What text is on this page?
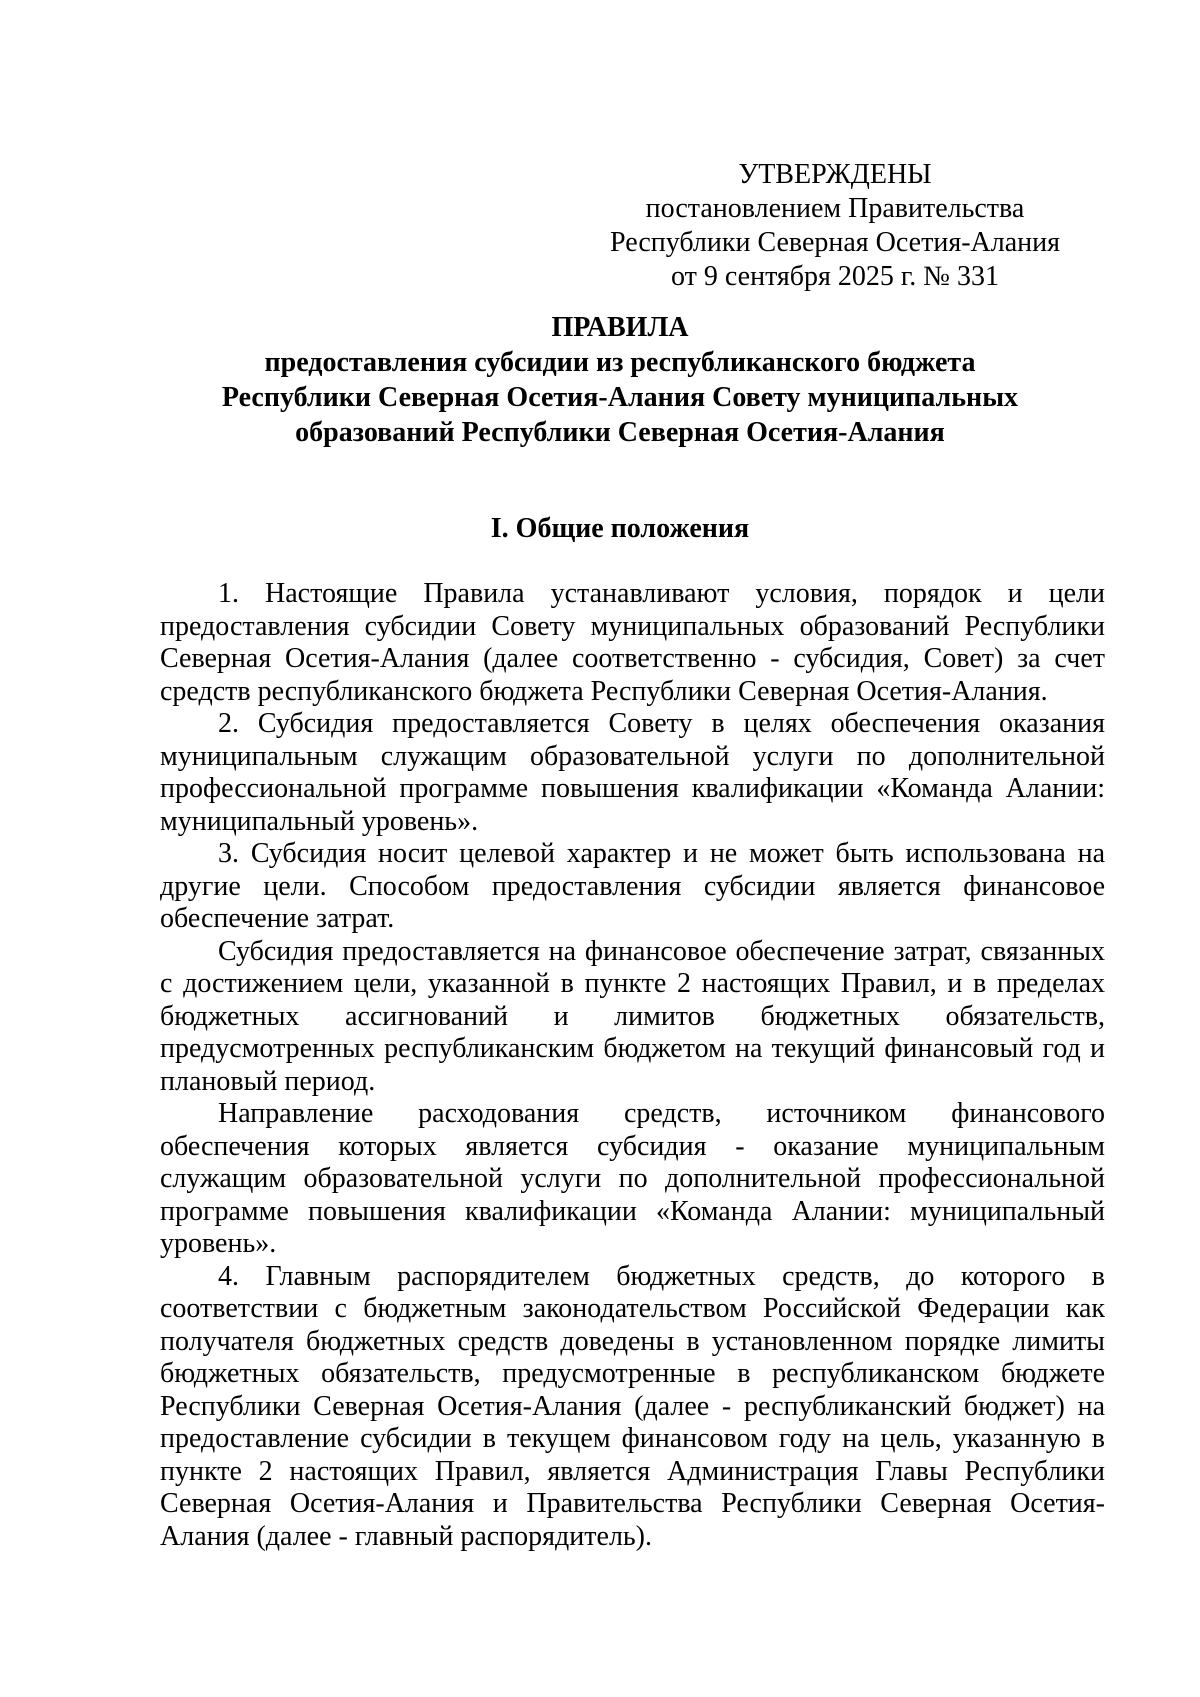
УТВЕРЖДЕНЫ
постановлением Правительства
Республики Северная Осетия-Алания
от 9 сентября 2025 г. № 331
ПРАВИЛА
предоставления субсидии из республиканского бюджета
Республики Северная Осетия-Алания Совету муниципальных
образований Республики Северная Осетия-Алания
I. Общие положения

1. Настоящие Правила устанавливают условия, порядок и цели предоставления субсидии Совету муниципальных образований Республики Северная Осетия-Алания (далее соответственно - субсидия, Совет) за счет средств республиканского бюджета Республики Северная Осетия-Алания.

2. Субсидия предоставляется Совету в целях обеспечения оказания муниципальным служащим образовательной услуги по дополнительной профессиональной программе повышения квалификации «Команда Алании: муниципальный уровень».

3. Субсидия носит целевой характер и не может быть использована на другие цели. Способом предоставления субсидии является финансовое обеспечение затрат.

Субсидия предоставляется на финансовое обеспечение затрат, связанных с достижением цели, указанной в пункте 2 настоящих Правил, и в пределах бюджетных ассигнований и лимитов бюджетных обязательств, предусмотренных республиканским бюджетом на текущий финансовый год и плановый период.

Направление расходования средств, источником финансового обеспечения которых является субсидия - оказание муниципальным служащим образовательной услуги по дополнительной профессиональной программе повышения квалификации «Команда Алании: муниципальный уровень».

4. Главным распорядителем бюджетных средств, до которого в соответствии с бюджетным законодательством Российской Федерации как получателя бюджетных средств доведены в установленном порядке лимиты бюджетных обязательств, предусмотренные в республиканском бюджете Республики Северная Осетия-Алания (далее - республиканский бюджет) на предоставление субсидии в текущем финансовом году на цель, указанную в пункте 2 настоящих Правил, является Администрация Главы Республики Северная Осетия-Алания и Правительства Республики Северная Осетия-Алания (далее - главный распорядитель).
